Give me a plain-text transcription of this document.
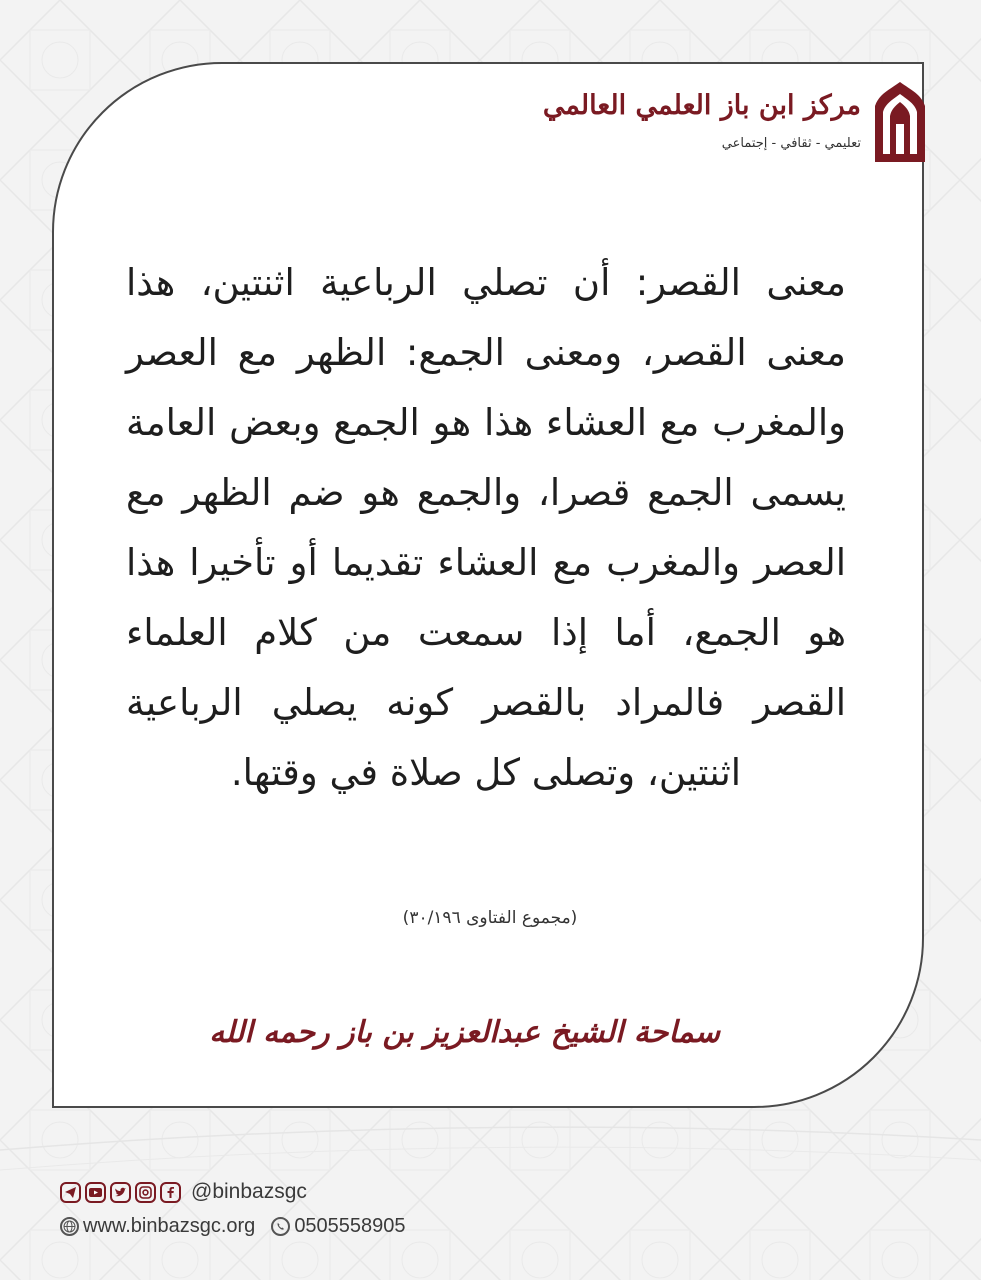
مركز ابن باز العلمي العالمي
تعليمي - ثقافي - إجتماعي
معنى القصر: أن تصلي الرباعية اثنتين، هذا معنى القصر، ومعنى الجمع: الظهر مع العصر والمغرب مع العشاء هذا هو الجمع وبعض العامة يسمى الجمع قصرا، والجمع هو ضم الظهر مع العصر والمغرب مع العشاء تقديما أو تأخيرا هذا هو الجمع، أما إذا سمعت من كلام العلماء القصر فالمراد بالقصر كونه يصلي الرباعية اثنتين، وتصلى كل صلاة في وقتها.
(مجموع الفتاوى ٣٠/١٩٦)
سماحة الشيخ عبدالعزيز بن باز رحمه الله
@binbazsgc
www.binbazsgc.org 0505558905
